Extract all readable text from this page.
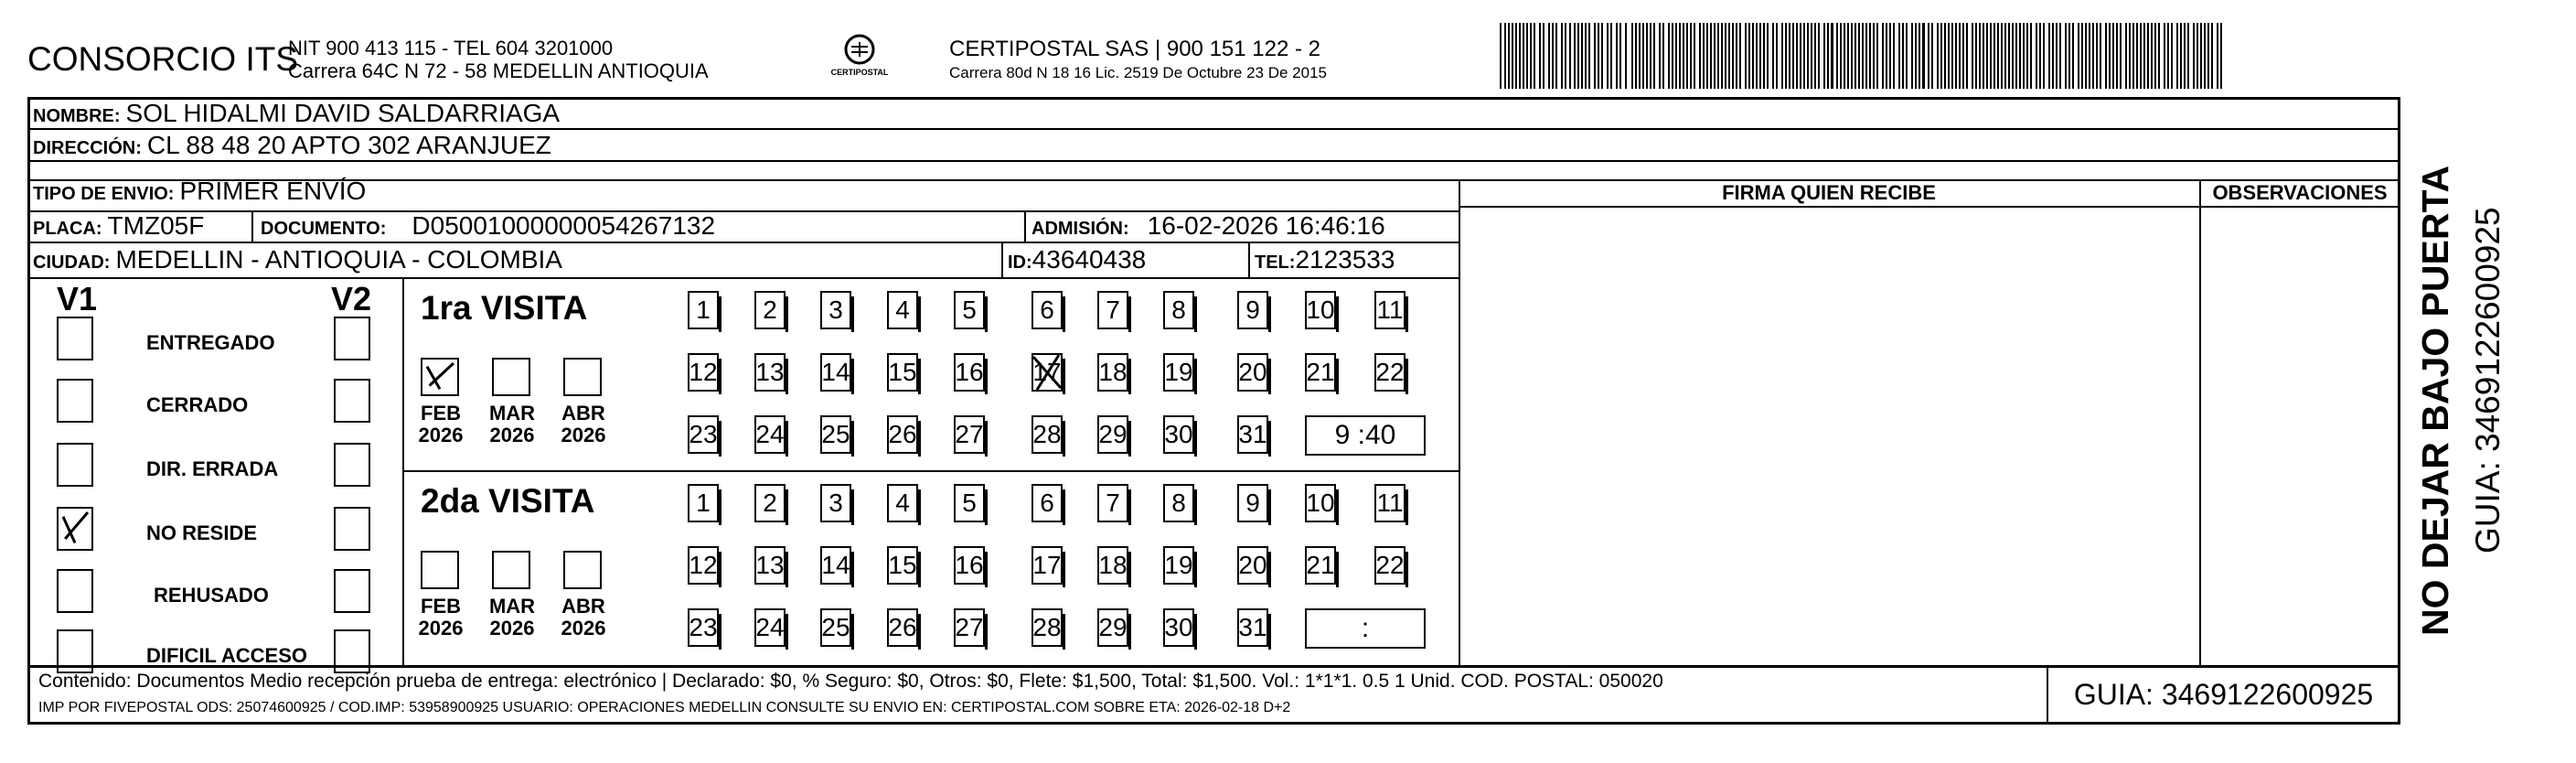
CONSORCIO ITS
NIT 900 413 115 - TEL 604 3201000
Carrera 64C N 72 - 58 MEDELLIN ANTIOQUIA	CERTIPOSTAL
CERTIPOSTAL SAS | 900 151 122 - 2
Carrera 80d N 18 16 Lic. 2519 De Octubre 23 De 2015
NOMBRE: SOL HIDALMI DAVID SALDARRIAGA
DIRECCIÓN: CL 88 48 20 APTO 302 ARANJUEZ
TIPO DE ENVIO: PRIMER ENVÍO
PLACA: TMZ05F	DOCUMENTO: D05001000000054267132	ADMISIÓN: 16-02-2026 16:46:16
CIUDAD: MEDELLIN - ANTIOQUIA - COLOMBIA	ID: 43640438	TEL: 2123533
FIRMA QUIEN RECIBE	OBSERVACIONES
V1	V2
ENTREGADO
CERRADO
DIR. ERRADA
NO RESIDE
REHUSADO
DIFICIL ACCESO
1ra VISITA
FEB
2026
MAR
2026
ABR
2026
1	2	3	4	5	6	7	8	9	10 11
12 13 14 15 16 17 18 19 20 21 22
23 24 25 26 27 28 29 30 31	9 :40
2da VISITA
FEB
2026
MAR
2026
ABR
2026
1	2	3	4	5	6	7	8	9	10 11
12 13 14 15 16 17 18 19 20 21 22
23 24 25 26 27 28 29 30 31	:
Contenido: Documentos Medio recepción prueba de entrega: electrónico | Declarado: $0, % Seguro: $0, Otros: $0, Flete: $1,500, Total: $1,500. Vol.: 1*1*1. 0.5 1 Unid. COD. POSTAL: 050020
IMP POR FIVEPOSTAL ODS: 25074600925 / COD.IMP: 53958900925 USUARIO: OPERACIONES MEDELLIN CONSULTE SU ENVIO EN: CERTIPOSTAL.COM SOBRE ETA: 2026-02-18 D+2	GUIA: 3469122600925
NO DEJAR BAJO PUERTA GUIA: 3469122600925
